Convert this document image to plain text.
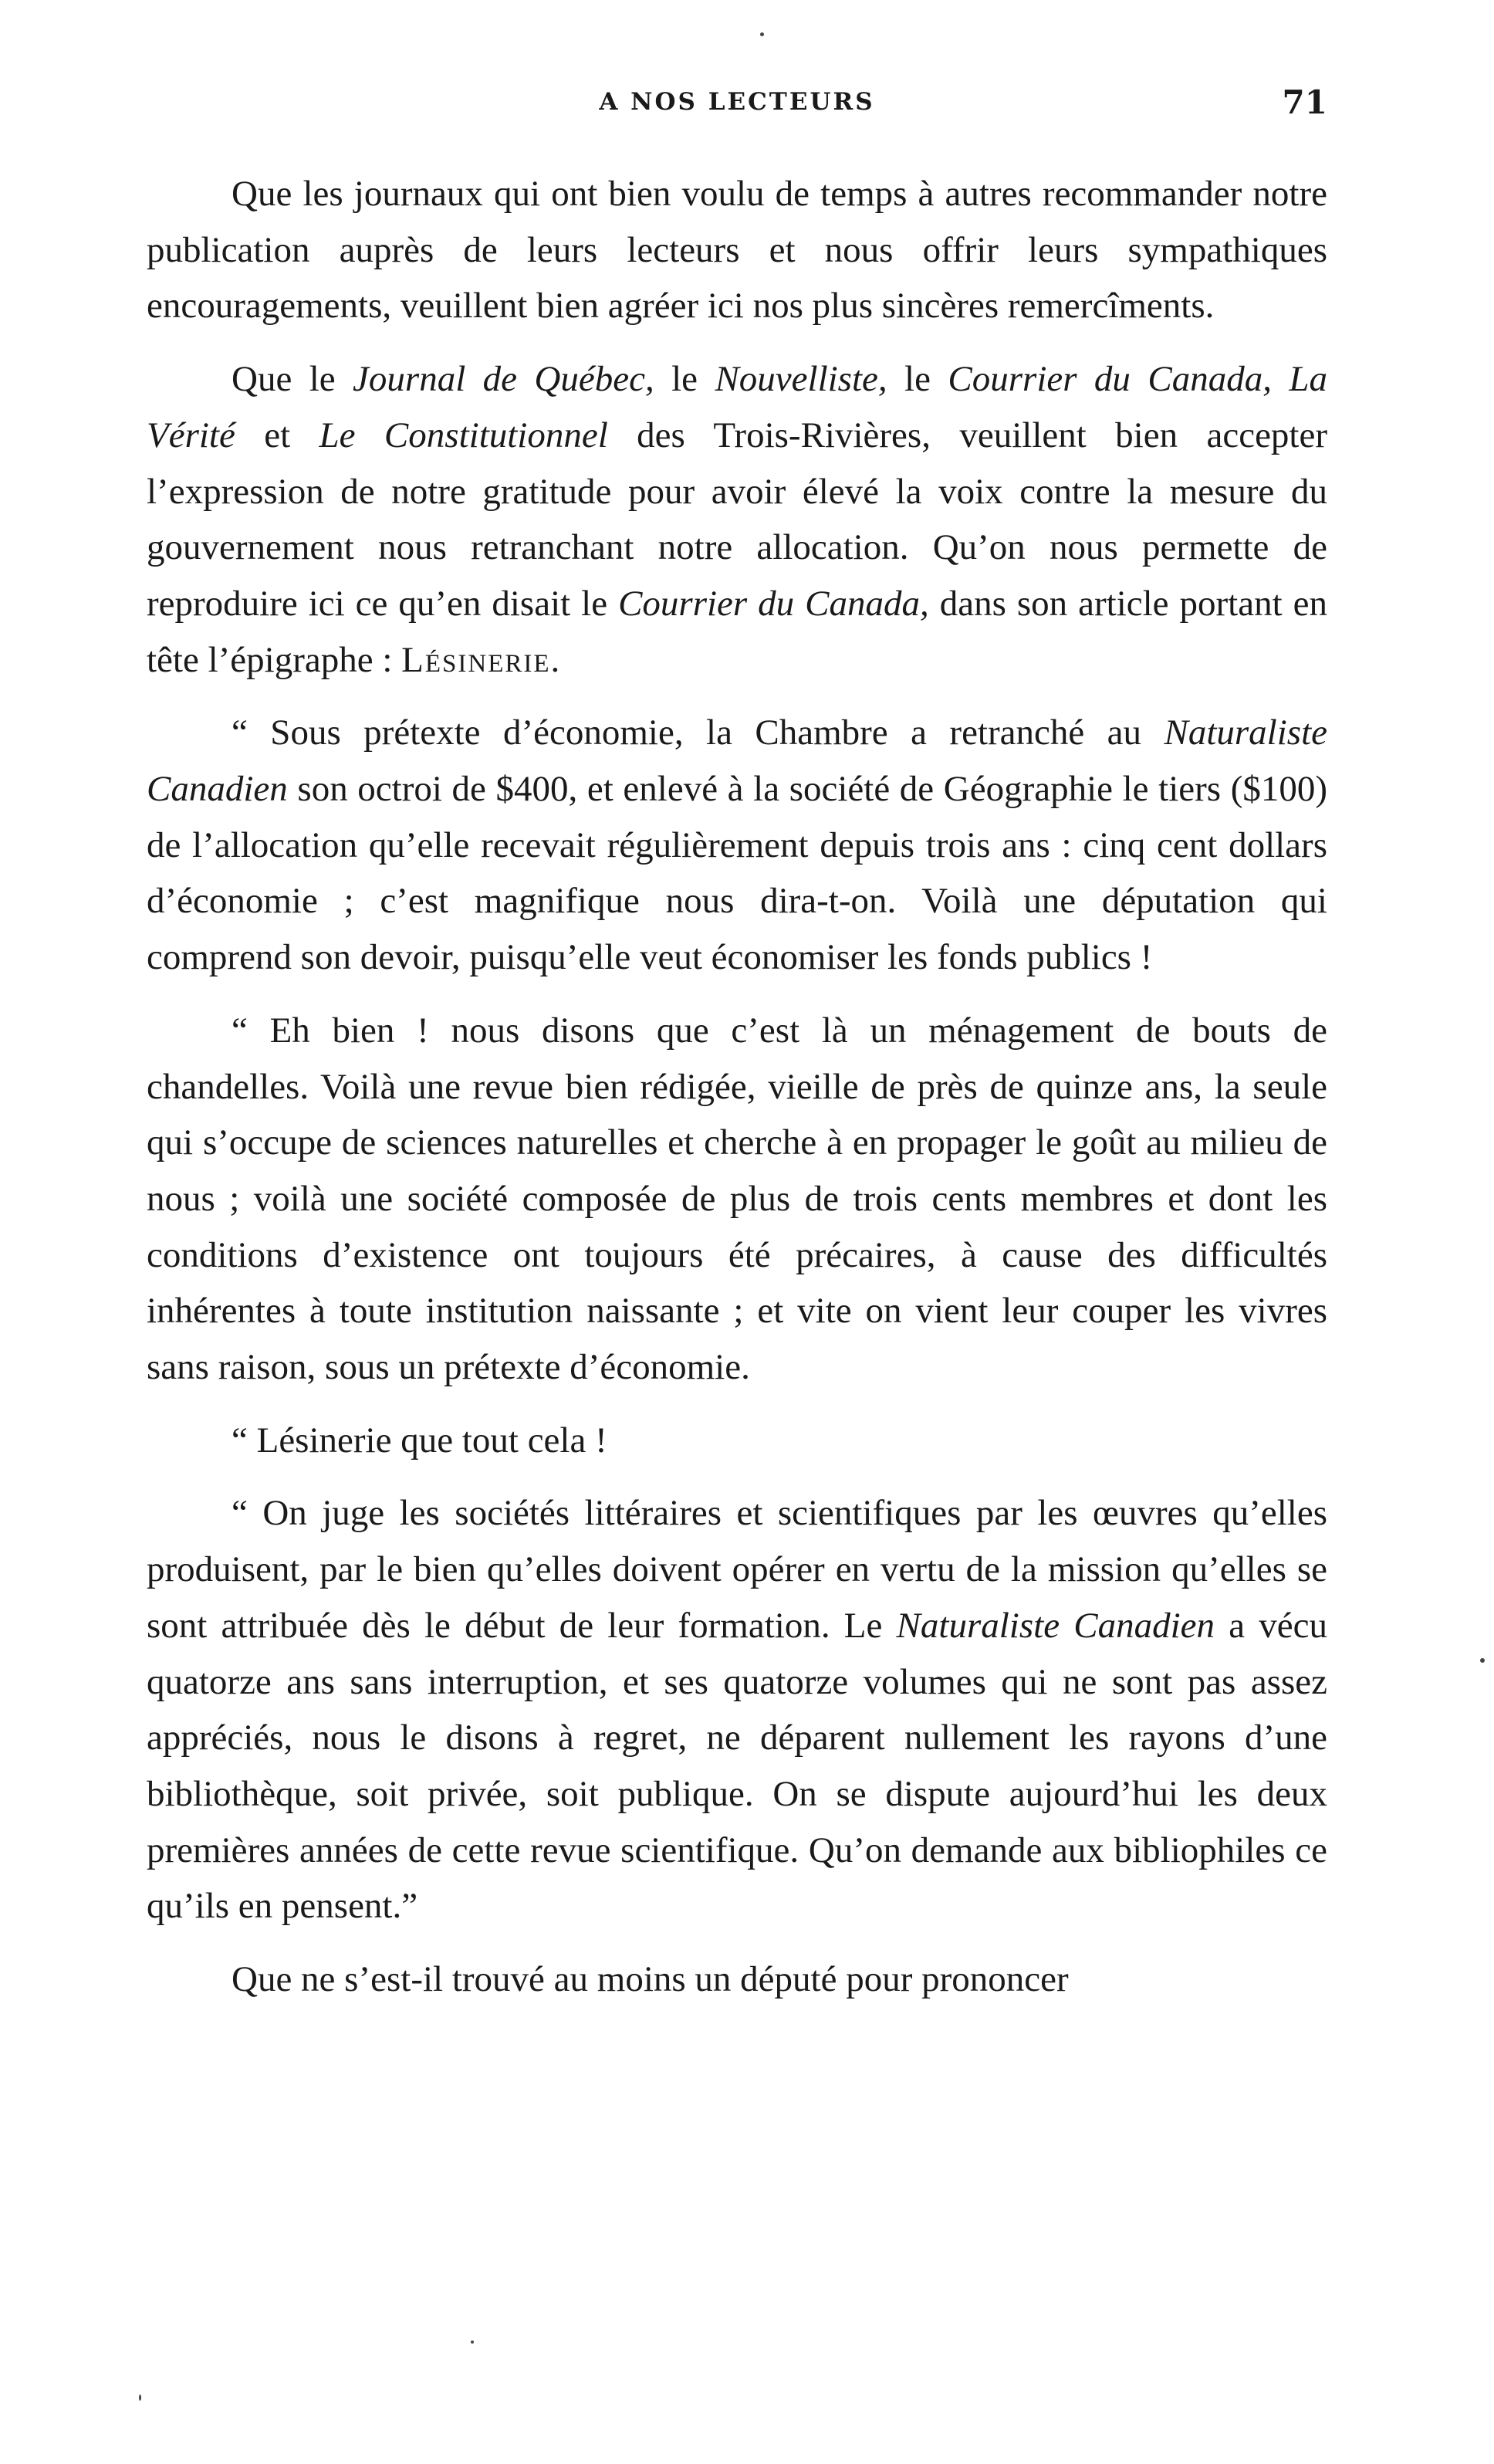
A NOS LECTEURS	71

Que les journaux qui ont bien voulu de temps à autres recommander notre publication auprès de leurs lecteurs et nous offrir leurs sympathiques encouragements, veuillent bien agréer ici nos plus sincères remercîments.

Que le Journal de Québec, le Nouvelliste, le Courrier du Canada, La Vérité et Le Constitutionnel des Trois-Rivières, veuillent bien accepter l’expression de notre gratitude pour avoir élevé la voix contre la mesure du gouvernement nous retranchant notre allocation. Qu’on nous permette de reproduire ici ce qu’en disait le Courrier du Canada, dans son article portant en tête l’épigraphe : Lésinerie.

“ Sous prétexte d’économie, la Chambre a retranché au Naturaliste Canadien son octroi de $400, et enlevé à la société de Géographie le tiers ($100) de l’allocation qu’elle recevait régulièrement depuis trois ans : cinq cent dollars d’économie ; c’est magnifique nous dira-t-on. Voilà une députation qui comprend son devoir, puisqu’elle veut économiser les fonds publics !

“ Eh bien ! nous disons que c’est là un ménagement de bouts de chandelles. Voilà une revue bien rédigée, vieille de près de quinze ans, la seule qui s’occupe de sciences naturelles et cherche à en propager le goût au milieu de nous ; voilà une société composée de plus de trois cents membres et dont les conditions d’existence ont toujours été précaires, à cause des difficultés inhérentes à toute institution naissante ; et vite on vient leur couper les vivres sans raison, sous un prétexte d’économie.

“ Lésinerie que tout cela !

“ On juge les sociétés littéraires et scientifiques par les œuvres qu’elles produisent, par le bien qu’elles doivent opérer en vertu de la mission qu’elles se sont attribuée dès le début de leur formation. Le Naturaliste Canadien a vécu quatorze ans sans interruption, et ses quatorze volumes qui ne sont pas assez appréciés, nous le disons à regret, ne déparent nullement les rayons d’une bibliothèque, soit privée, soit publique. On se dispute aujourd’hui les deux premières années de cette revue scientifique. Qu’on demande aux bibliophiles ce qu’ils en pensent.”

Que ne s’est-il trouvé au moins un député pour prononcer
